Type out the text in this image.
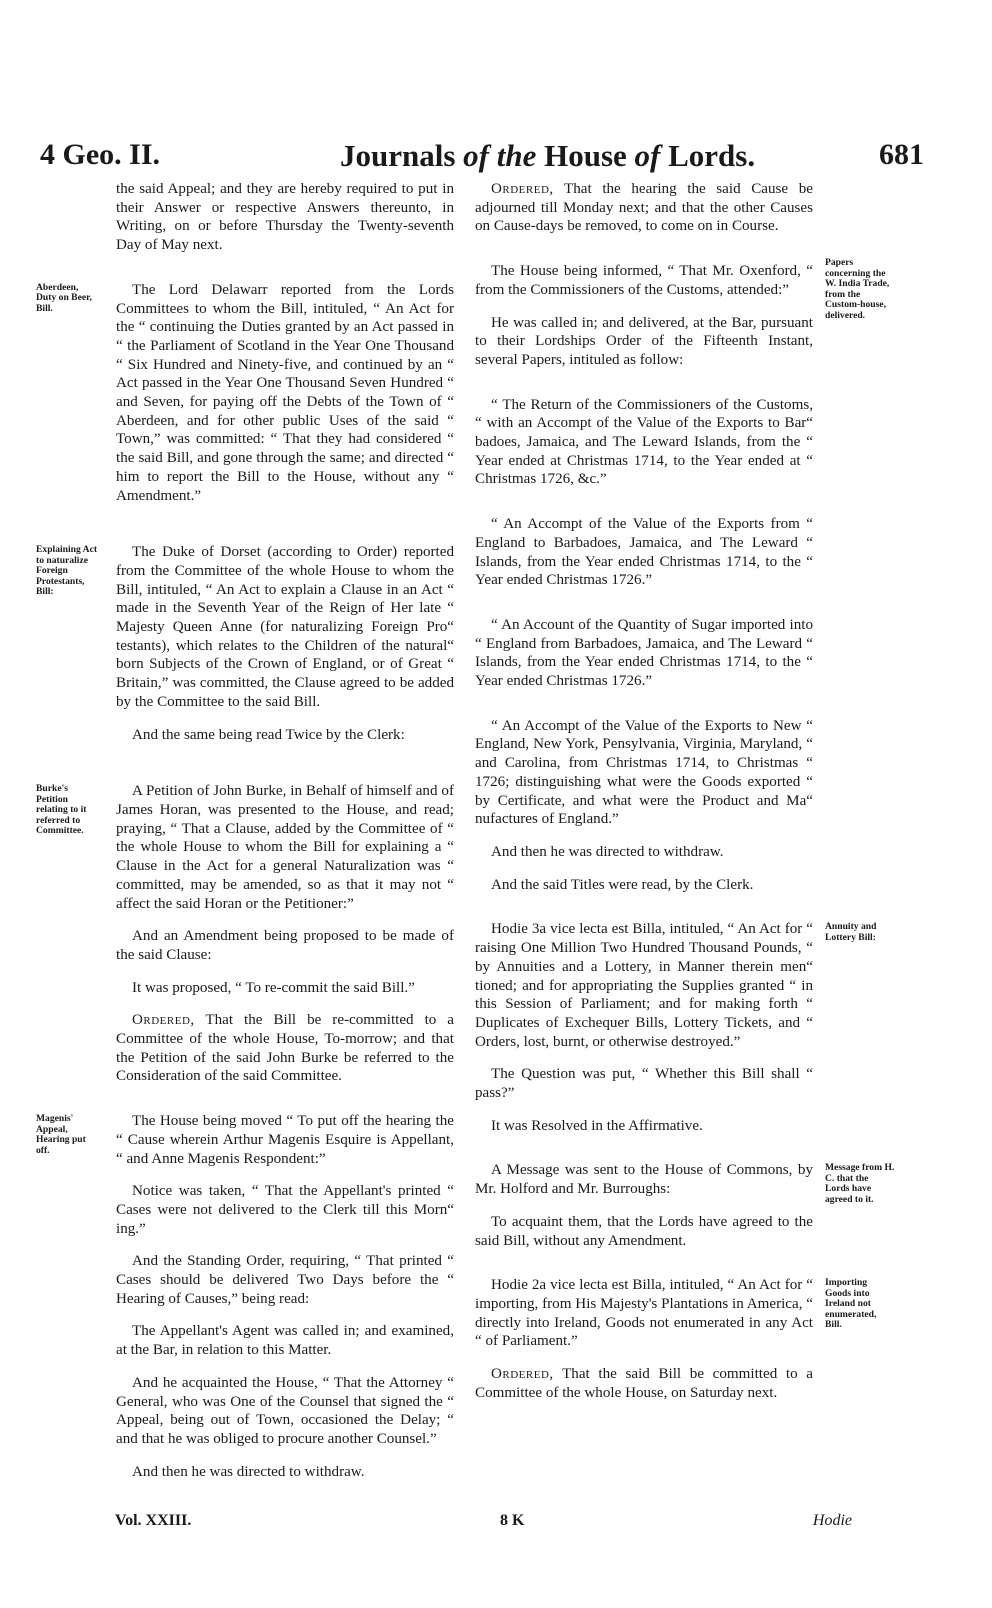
4 Geo. II.	Journals of the House of Lords.	681

the said Appeal; and they are hereby required to put in their Answer or respective Answers thereunto, in Writing, on or before Thursday the Twenty-seventh Day of May next.

Aberdeen, Duty on Beer, Bill.
The Lord Delawarr reported from the Lords Committees to whom the Bill, intituled, “ An Act for the “ continuing the Duties granted by an Act passed in “ the Parliament of Scotland in the Year One Thousand “ Six Hundred and Ninety-five, and continued by an “ Act passed in the Year One Thousand Seven Hundred “ and Seven, for paying off the Debts of the Town of “ Aberdeen, and for other public Uses of the said “ Town,” was committed: “ That they had considered “ the said Bill, and gone through the same; and directed “ him to report the Bill to the House, without any “ Amendment.”
Explaining Act to naturalize Foreign Protestants, Bill:
The Duke of Dorset (according to Order) reported from the Committee of the whole House to whom the Bill, intituled, “ An Act to explain a Clause in an Act “ made in the Seventh Year of the Reign of Her late “ Majesty Queen Anne (for naturalizing Foreign Pro“ testants), which relates to the Children of the natural“ born Subjects of the Crown of England, or of Great “ Britain,” was committed, the Clause agreed to be added by the Committee to the said Bill.

And the same being read Twice by the Clerk:

Burke's Petition relating to it referred to Committee.
A Petition of John Burke, in Behalf of himself and of James Horan, was presented to the House, and read; praying, “ That a Clause, added by the Committee of “ the whole House to whom the Bill for explaining a “ Clause in the Act for a general Naturalization was “ committed, may be amended, so as that it may not “ affect the said Horan or the Petitioner:”

And an Amendment being proposed to be made of the said Clause:

It was proposed, “ To re-commit the said Bill.”

Ordered, That the Bill be re-committed to a Committee of the whole House, To-morrow; and that the Petition of the said John Burke be referred to the Consideration of the said Committee.

Magenis' Appeal, Hearing put off.
The House being moved “ To put off the hearing the “ Cause wherein Arthur Magenis Esquire is Appellant, “ and Anne Magenis Respondent:”

Notice was taken, “ That the Appellant's printed “ Cases were not delivered to the Clerk till this Morn“ ing.”

And the Standing Order, requiring, “ That printed “ Cases should be delivered Two Days before the “ Hearing of Causes,” being read:

The Appellant's Agent was called in; and examined, at the Bar, in relation to this Matter.

And he acquainted the House, “ That the Attorney “ General, who was One of the Counsel that signed the “ Appeal, being out of Town, occasioned the Delay; “ and that he was obliged to procure another Counsel.”

And then he was directed to withdraw.

Ordered, That the hearing the said Cause be adjourned till Monday next; and that the other Causes on Cause-days be removed, to come on in Course.

Papers concerning the W. India Trade, from the Custom-house, delivered.
The House being informed, “ That Mr. Oxenford, “ from the Commissioners of the Customs, attended:”

He was called in; and delivered, at the Bar, pursuant to their Lordships Order of the Fifteenth Instant, several Papers, intituled as follow:

“ The Return of the Commissioners of the Customs, “ with an Accompt of the Value of the Exports to Bar“ badoes, Jamaica, and The Leward Islands, from the “ Year ended at Christmas 1714, to the Year ended at “ Christmas 1726, &c.”

“ An Accompt of the Value of the Exports from “ England to Barbadoes, Jamaica, and The Leward “ Islands, from the Year ended Christmas 1714, to the “ Year ended Christmas 1726.”

“ An Account of the Quantity of Sugar imported into “ England from Barbadoes, Jamaica, and The Leward “ Islands, from the Year ended Christmas 1714, to the “ Year ended Christmas 1726.”

“ An Accompt of the Value of the Exports to New “ England, New York, Pensylvania, Virginia, Maryland, “ and Carolina, from Christmas 1714, to Christmas “ 1726; distinguishing what were the Goods exported “ by Certificate, and what were the Product and Ma“ nufactures of England.”

And then he was directed to withdraw.

And the said Titles were read, by the Clerk.

Annuity and Lottery Bill:
Hodie 3a vice lecta est Billa, intituled, “ An Act for “ raising One Million Two Hundred Thousand Pounds, “ by Annuities and a Lottery, in Manner therein men“ tioned; and for appropriating the Supplies granted “ in this Session of Parliament; and for making forth “ Duplicates of Exchequer Bills, Lottery Tickets, and “ Orders, lost, burnt, or otherwise destroyed.”

The Question was put, “ Whether this Bill shall “ pass?”

It was Resolved in the Affirmative.

Message from H. C. that the Lords have agreed to it.
A Message was sent to the House of Commons, by Mr. Holford and Mr. Burroughs:

To acquaint them, that the Lords have agreed to the said Bill, without any Amendment.

Importing Goods into Ireland not enumerated, Bill.
Hodie 2a vice lecta est Billa, intituled, “ An Act for “ importing, from His Majesty's Plantations in America, “ directly into Ireland, Goods not enumerated in any Act “ of Parliament.”

Ordered, That the said Bill be committed to a Committee of the whole House, on Saturday next.

Vol. XXIII.	8 K	Hodie
